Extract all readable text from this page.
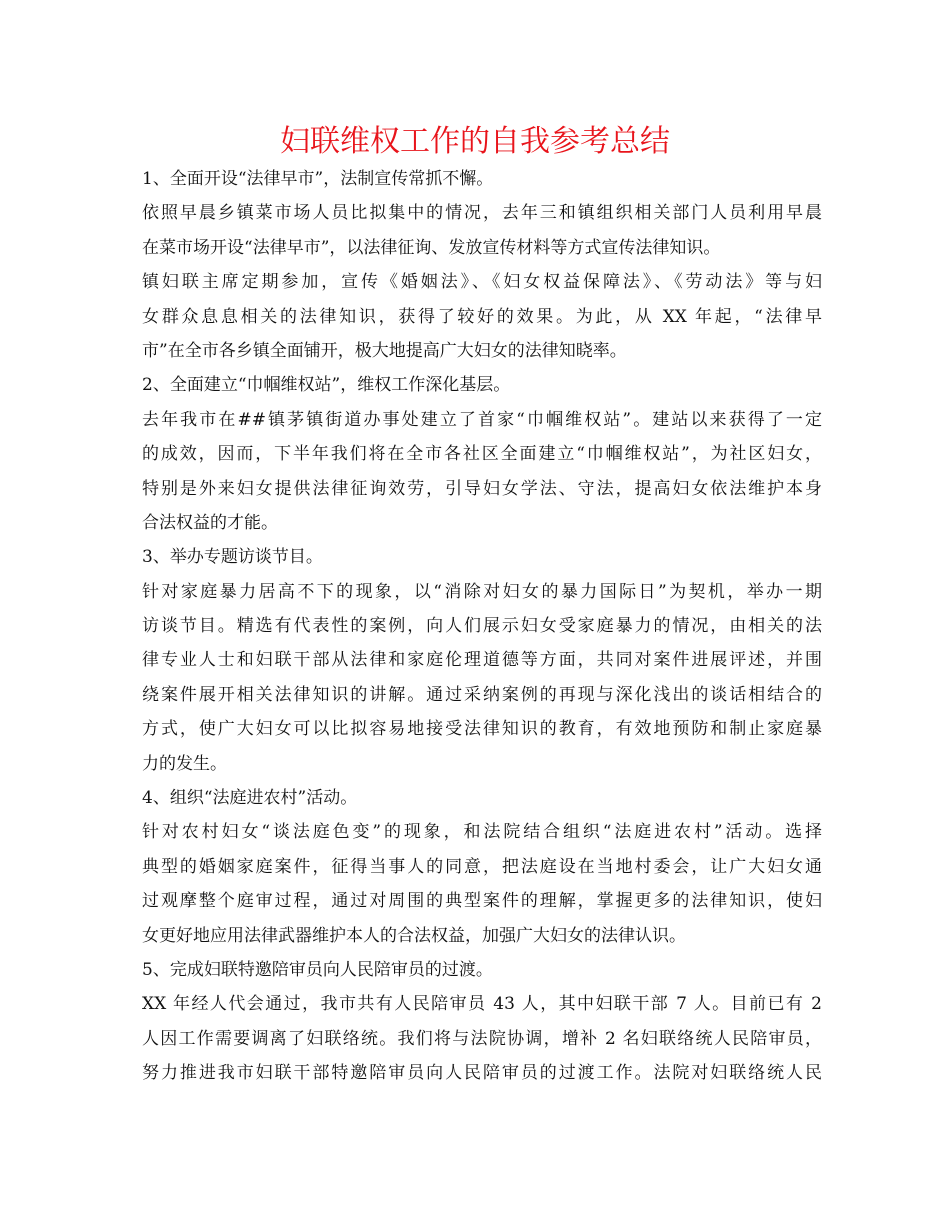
妇联维权工作的自我参考总结
1、全面开设“法律早市”，法制宣传常抓不懈。
依照早晨乡镇菜市场人员比拟集中的情况，去年三和镇组织相关部门人员利用早晨
在菜市场开设“法律早市”，以法律征询、发放宣传材料等方式宣传法律知识。
镇妇联主席定期参加，宣传《婚姻法》、《妇女权益保障法》、《劳动法》等与妇
女群众息息相关的法律知识，获得了较好的效果。为此，从 XX 年起，“法律早
市”在全市各乡镇全面铺开，极大地提高广大妇女的法律知晓率。
2、全面建立“巾帼维权站”，维权工作深化基层。
去年我市在##镇茅镇街道办事处建立了首家“巾帼维权站”。建站以来获得了一定
的成效，因而，下半年我们将在全市各社区全面建立“巾帼维权站”，为社区妇女，
特别是外来妇女提供法律征询效劳，引导妇女学法、守法，提高妇女依法维护本身
合法权益的才能。
3、举办专题访谈节目。
针对家庭暴力居高不下的现象，以“消除对妇女的暴力国际日”为契机，举办一期
访谈节目。精选有代表性的案例，向人们展示妇女受家庭暴力的情况，由相关的法
律专业人士和妇联干部从法律和家庭伦理道德等方面，共同对案件进展评述，并围
绕案件展开相关法律知识的讲解。通过采纳案例的再现与深化浅出的谈话相结合的
方式，使广大妇女可以比拟容易地接受法律知识的教育，有效地预防和制止家庭暴
力的发生。
4、组织“法庭进农村”活动。
针对农村妇女“谈法庭色变”的现象，和法院结合组织“法庭进农村”活动。选择
典型的婚姻家庭案件，征得当事人的同意，把法庭设在当地村委会，让广大妇女通
过观摩整个庭审过程，通过对周围的典型案件的理解，掌握更多的法律知识，使妇
女更好地应用法律武器维护本人的合法权益，加强广大妇女的法律认识。
5、完成妇联特邀陪审员向人民陪审员的过渡。
XX 年经人代会通过，我市共有人民陪审员 43 人，其中妇联干部 7 人。目前已有 2
人因工作需要调离了妇联络统。我们将与法院协调，增补 2 名妇联络统人民陪审员，
努力推进我市妇联干部特邀陪审员向人民陪审员的过渡工作。法院对妇联络统人民
